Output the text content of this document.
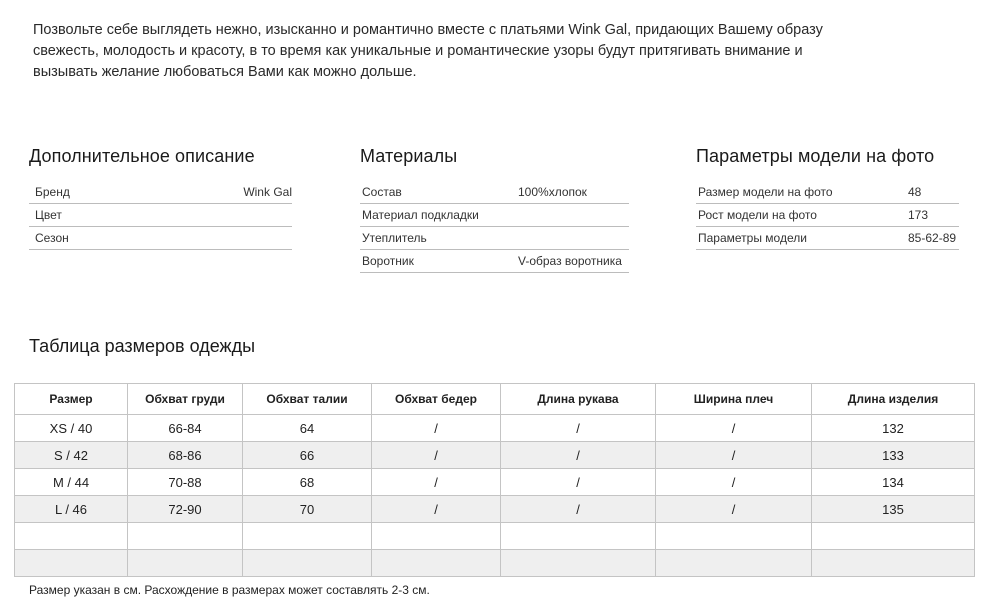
Позвольте себе выглядеть нежно, изысканно и романтично вместе с платьями Wink Gal, придающих Вашему образу свежесть, молодость и красоту, в то время как уникальные и романтические узоры будут притягивать внимание и вызывать желание любоваться Вами как можно дольше.
Дополнительное описание
Бренд	Wink Gal
Цвет
Сезон
Материалы
Состав	100%хлопок
Материал подкладки
Утеплитель
Воротник	V-образ воротника
Параметры модели на фото
Размер модели на фото	48
Рост модели на фото	173
Параметры модели	85-62-89
Таблица размеров одежды
Размер	Обхват груди	Обхват талии	Обхват бедер	Длина рукава	Ширина плеч	Длина изделия
XS / 40	66-84	64	/	/	/	132
S / 42	68-86	66	/	/	/	133
M / 44	70-88	68	/	/	/	134
L / 46	72-90	70	/	/	/	135

Размер указан в см. Расхождение в размерах может составлять 2-3 см.
